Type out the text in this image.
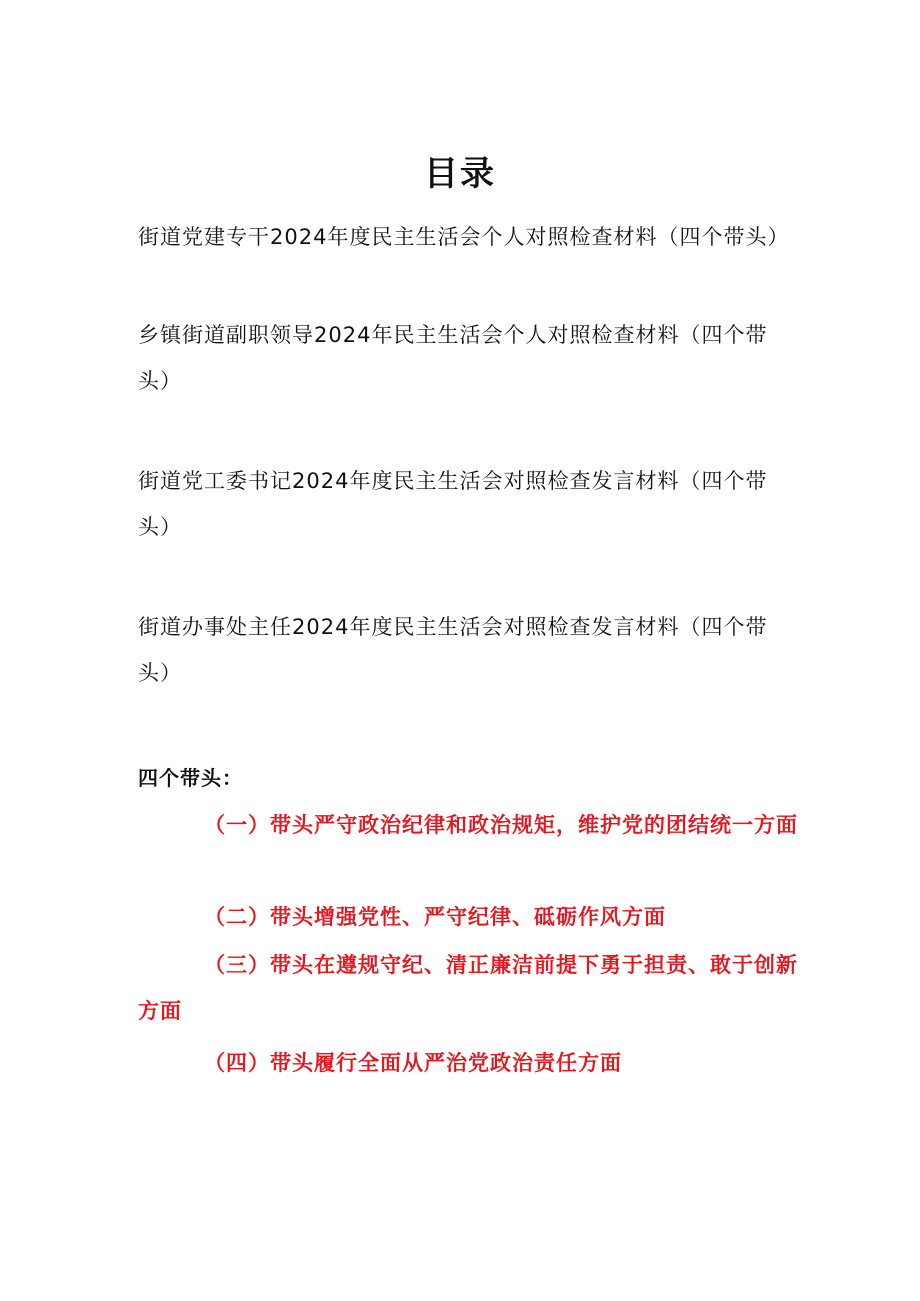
目录

街道党建专干2024年度民主生活会个人对照检查材料（四个带头）

乡镇街道副职领导2024年民主生活会个人对照检查材料（四个带头）

街道党工委书记2024年度民主生活会对照检查发言材料（四个带头）

街道办事处主任2024年度民主生活会对照检查发言材料（四个带头）

四个带头：
（一）带头严守政治纪律和政治规矩，维护党的团结统一方面
（二）带头增强党性、严守纪律、砥砺作风方面
（三）带头在遵规守纪、清正廉洁前提下勇于担责、敢于创新方面
（四）带头履行全面从严治党政治责任方面
